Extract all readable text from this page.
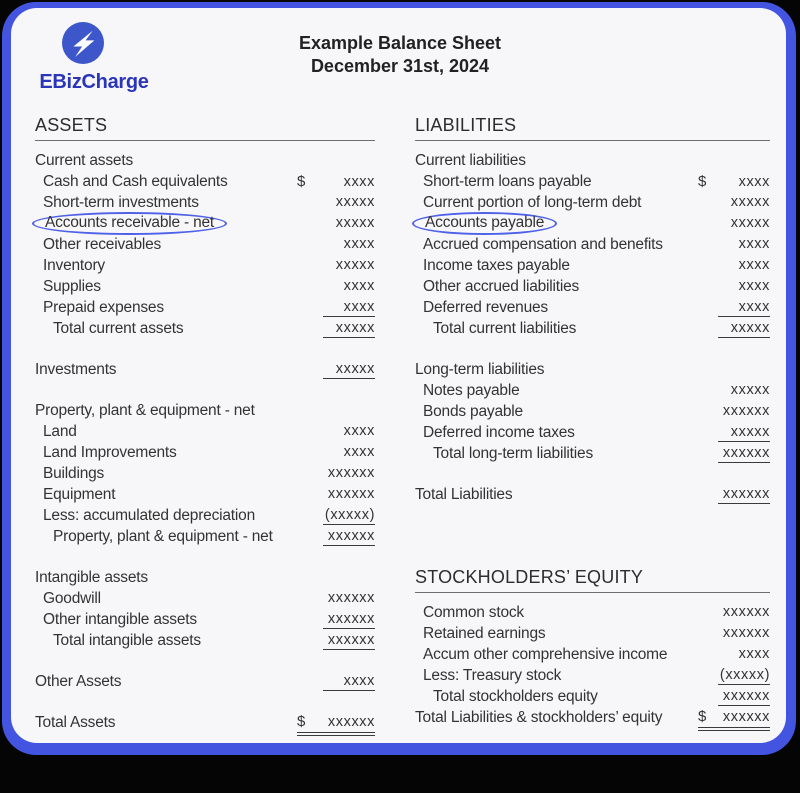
EBizCharge
Example Balance Sheet
December 31st, 2024
ASSETS
Current assets
Cash and Cash equivalents	$	xxxx
Short-term investments	xxxxx
Accounts receivable - net	xxxxx
Other receivables	xxxx
Inventory	xxxxx
Supplies	xxxx
Prepaid expenses	xxxx
Total current assets	xxxxx
Investments	xxxxx
Property, plant & equipment - net
Land	xxxx
Land Improvements	xxxx
Buildings	xxxxxx
Equipment	xxxxxx
Less: accumulated depreciation	(xxxxx)
Property, plant & equipment - net	xxxxxx
Intangible assets
Goodwill	xxxxxx
Other intangible assets	xxxxxx
Total intangible assets	xxxxxx
Other Assets	xxxx
Total Assets	$	xxxxxx
LIABILITIES
Current liabilities
Short-term loans payable	$	xxxx
Current portion of long-term debt	xxxxx
Accounts payable	xxxxx
Accrued compensation and benefits	xxxx
Income taxes payable	xxxx
Other accrued liabilities	xxxx
Deferred revenues	xxxx
Total current liabilities	xxxxx
Long-term liabilities
Notes payable	xxxxx
Bonds payable	xxxxxx
Deferred income taxes	xxxxx
Total long-term liabilities	xxxxxx
Total Liabilities	xxxxxx
STOCKHOLDERS’ EQUITY
Common stock	xxxxxx
Retained earnings	xxxxxx
Accum other comprehensive income	xxxx
Less: Treasury stock	(xxxxx)
Total stockholders equity	xxxxxx
Total Liabilities & stockholders’ equity $	xxxxxx
